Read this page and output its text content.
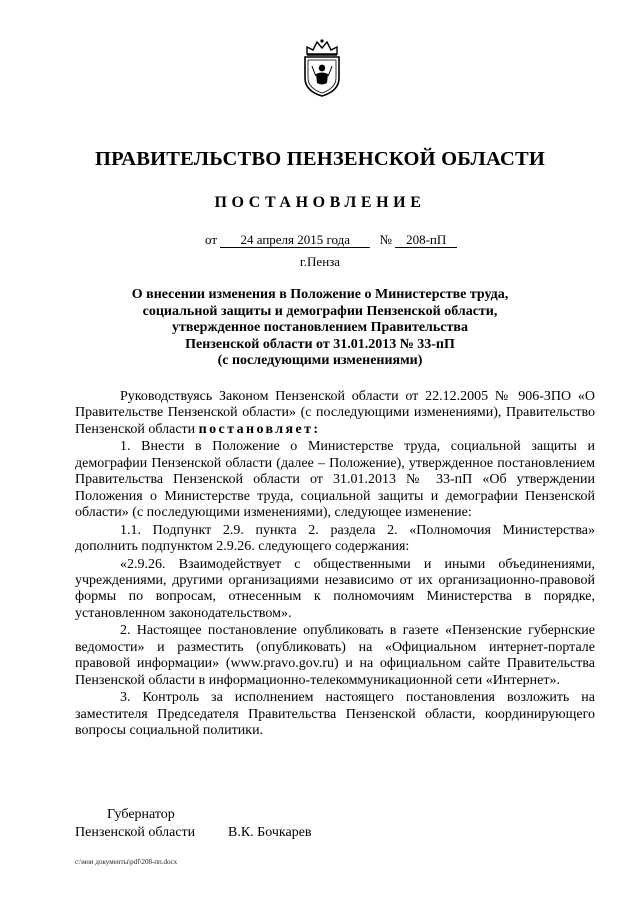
ПРАВИТЕЛЬСТВО ПЕНЗЕНСКОЙ ОБЛАСТИ
ПОСТАНОВЛЕНИЕ
от 24 апреля 2015 года № 208-пП
г.Пенза
О внесении изменения в Положение о Министерстве труда,
социальной защиты и демографии Пензенской области,
утвержденное постановлением Правительства
Пензенской области от 31.01.2013 № 33-пП
(с последующими изменениями)

Руководствуясь Законом Пензенской области от 22.12.2005 № 906-ЗПО «О Правительстве Пензенской области» (с последующими изменениями), Правительство Пензенской области постановляет:

1. Внести в Положение о Министерстве труда, социальной защиты и демографии Пензенской области (далее – Положение), утвержденное постановлением Правительства Пензенской области от 31.01.2013 № 33-пП «Об утверждении Положения о Министерстве труда, социальной защиты и демографии Пензенской области» (с последующими изменениями), следующее изменение:

1.1. Подпункт 2.9. пункта 2. раздела 2. «Полномочия Министерства» дополнить подпунктом 2.9.26. следующего содержания:

«2.9.26. Взаимодействует с общественными и иными объединениями, учреждениями, другими организациями независимо от их организационно-правовой формы по вопросам, отнесенным к полномочиям Министерства в порядке, установленном законодательством».

2. Настоящее постановление опубликовать в газете «Пензенские губернские ведомости» и разместить (опубликовать) на «Официальном интернет-портале правовой информации» (www.pravo.gov.ru) и на официальном сайте Правительства Пензенской области в информационно-телекоммуникационной сети «Интернет».

3. Контроль за исполнением настоящего постановления возложить на заместителя Председателя Правительства Пензенской области, координирующего вопросы социальной политики.

Губернатор
Пензенской области В.К. Бочкарев
c:\мои документы\pdf\208-пп.docx
